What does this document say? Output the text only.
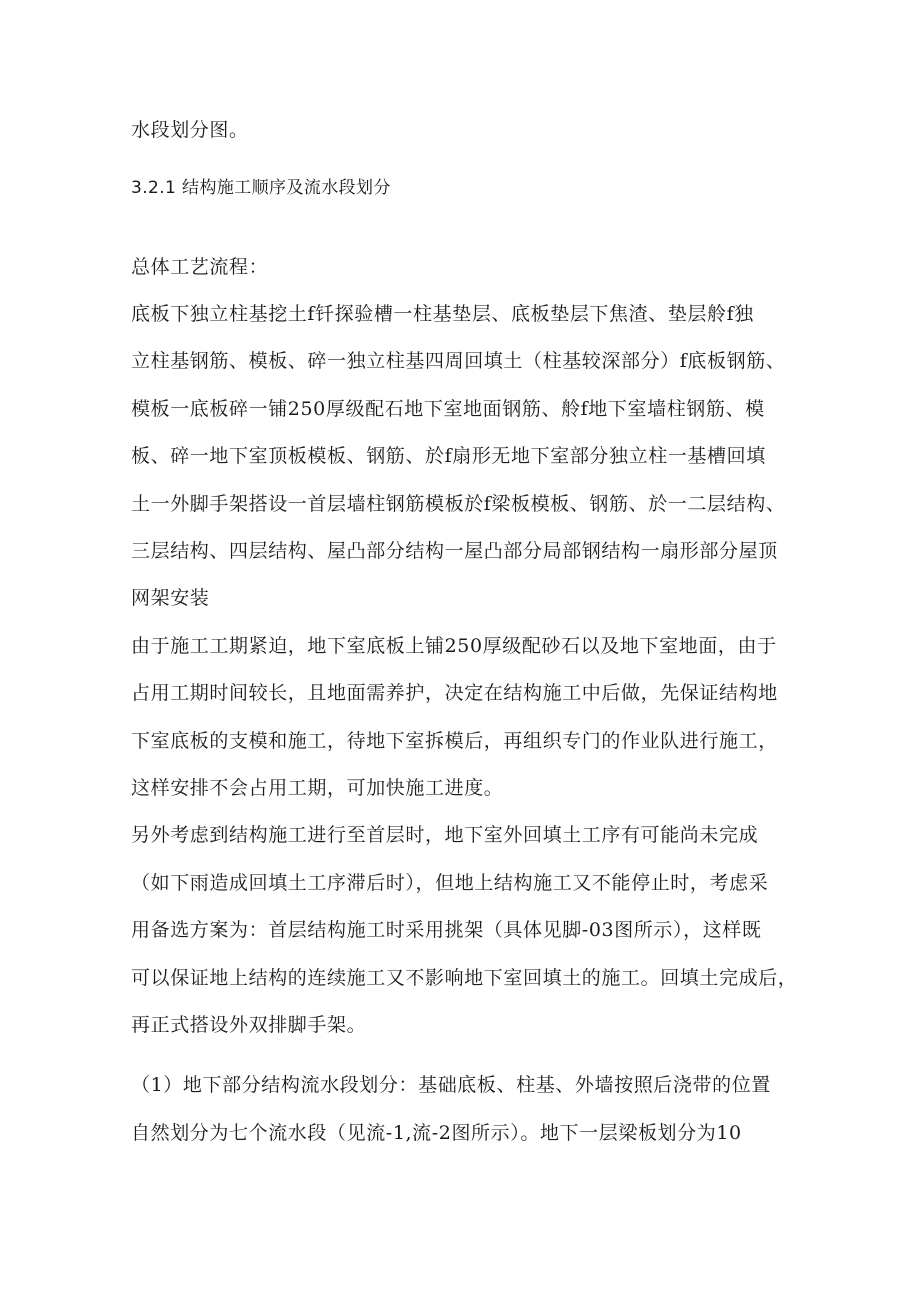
水段划分图。
3.2.1 结构施工顺序及流水段划分
总体工艺流程：
底板下独立柱基挖土f钎探验槽一柱基垫层、底板垫层下焦渣、垫层舲f独
立柱基钢筋、模板、碎一独立柱基四周回填土（柱基较深部分）f底板钢筋、
模板一底板碎一铺250厚级配石地下室地面钢筋、舲f地下室墙柱钢筋、模
板、碎一地下室顶板模板、钢筋、於f扇形无地下室部分独立柱一基槽回填
土一外脚手架搭设一首层墙柱钢筋模板於f梁板模板、钢筋、於一二层结构、
三层结构、四层结构、屋凸部分结构一屋凸部分局部钢结构一扇形部分屋顶
网架安装
由于施工工期紧迫，地下室底板上铺250厚级配砂石以及地下室地面，由于
占用工期时间较长，且地面需养护，决定在结构施工中后做，先保证结构地
下室底板的支模和施工，待地下室拆模后，再组织专门的作业队进行施工，
这样安排不会占用工期，可加快施工进度。
另外考虑到结构施工进行至首层时，地下室外回填土工序有可能尚未完成
（如下雨造成回填土工序滞后时），但地上结构施工又不能停止时，考虑采
用备选方案为：首层结构施工时采用挑架（具体见脚-03图所示），这样既
可以保证地上结构的连续施工又不影响地下室回填土的施工。回填土完成后，
再正式搭设外双排脚手架。
（1）地下部分结构流水段划分：基础底板、柱基、外墙按照后浇带的位置
自然划分为七个流水段（见流-1,流-2图所示）。地下一层梁板划分为10
